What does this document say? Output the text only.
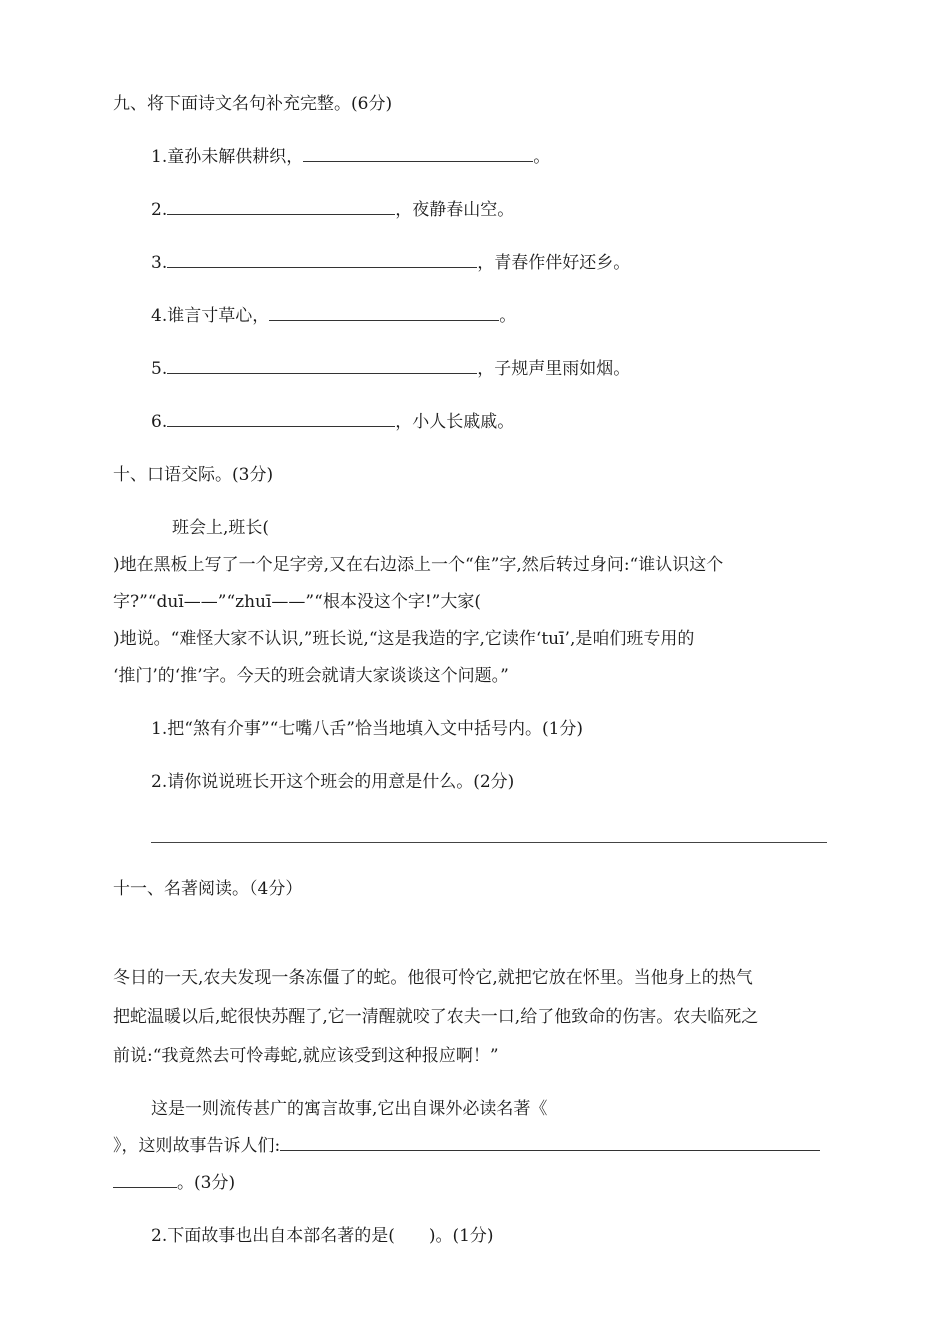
九、将下面诗文名句补充完整。(6分)
1.童孙未解供耕织，	。
2.	，夜静春山空。
3.	，青春作伴好还乡。
4.谁言寸草心，	。
5.	，子规声里雨如烟。
6.	，小人长戚戚。
十、口语交际。(3分)
班会上,班长(
)地在黑板上写了一个足字旁,又在右边添上一个“隹”字,然后转过身问:“谁认识这个
字?”“duī——”“zhuī——”“根本没这个字!”大家(
)地说。“难怪大家不认识,”班长说,“这是我造的字,它读作‘tuī’,是咱们班专用的
‘推门’的‘推’字。今天的班会就请大家谈谈这个问题。”
1.把“煞有介事”“七嘴八舌”恰当地填入文中括号内。(1分)
2.请你说说班长开这个班会的用意是什么。(2分)
十一、名著阅读。（4分）
冬日的一天,农夫发现一条冻僵了的蛇。他很可怜它,就把它放在怀里。当他身上的热气
把蛇温暖以后,蛇很快苏醒了,它一清醒就咬了农夫一口,给了他致命的伤害。农夫临死之
前说:“我竟然去可怜毒蛇,就应该受到这种报应啊！”
这是一则流传甚广的寓言故事,它出自课外必读名著《
》，这则故事告诉人们:
。(3分)
2.下面故事也出自本部名著的是(　　)。(1分)
